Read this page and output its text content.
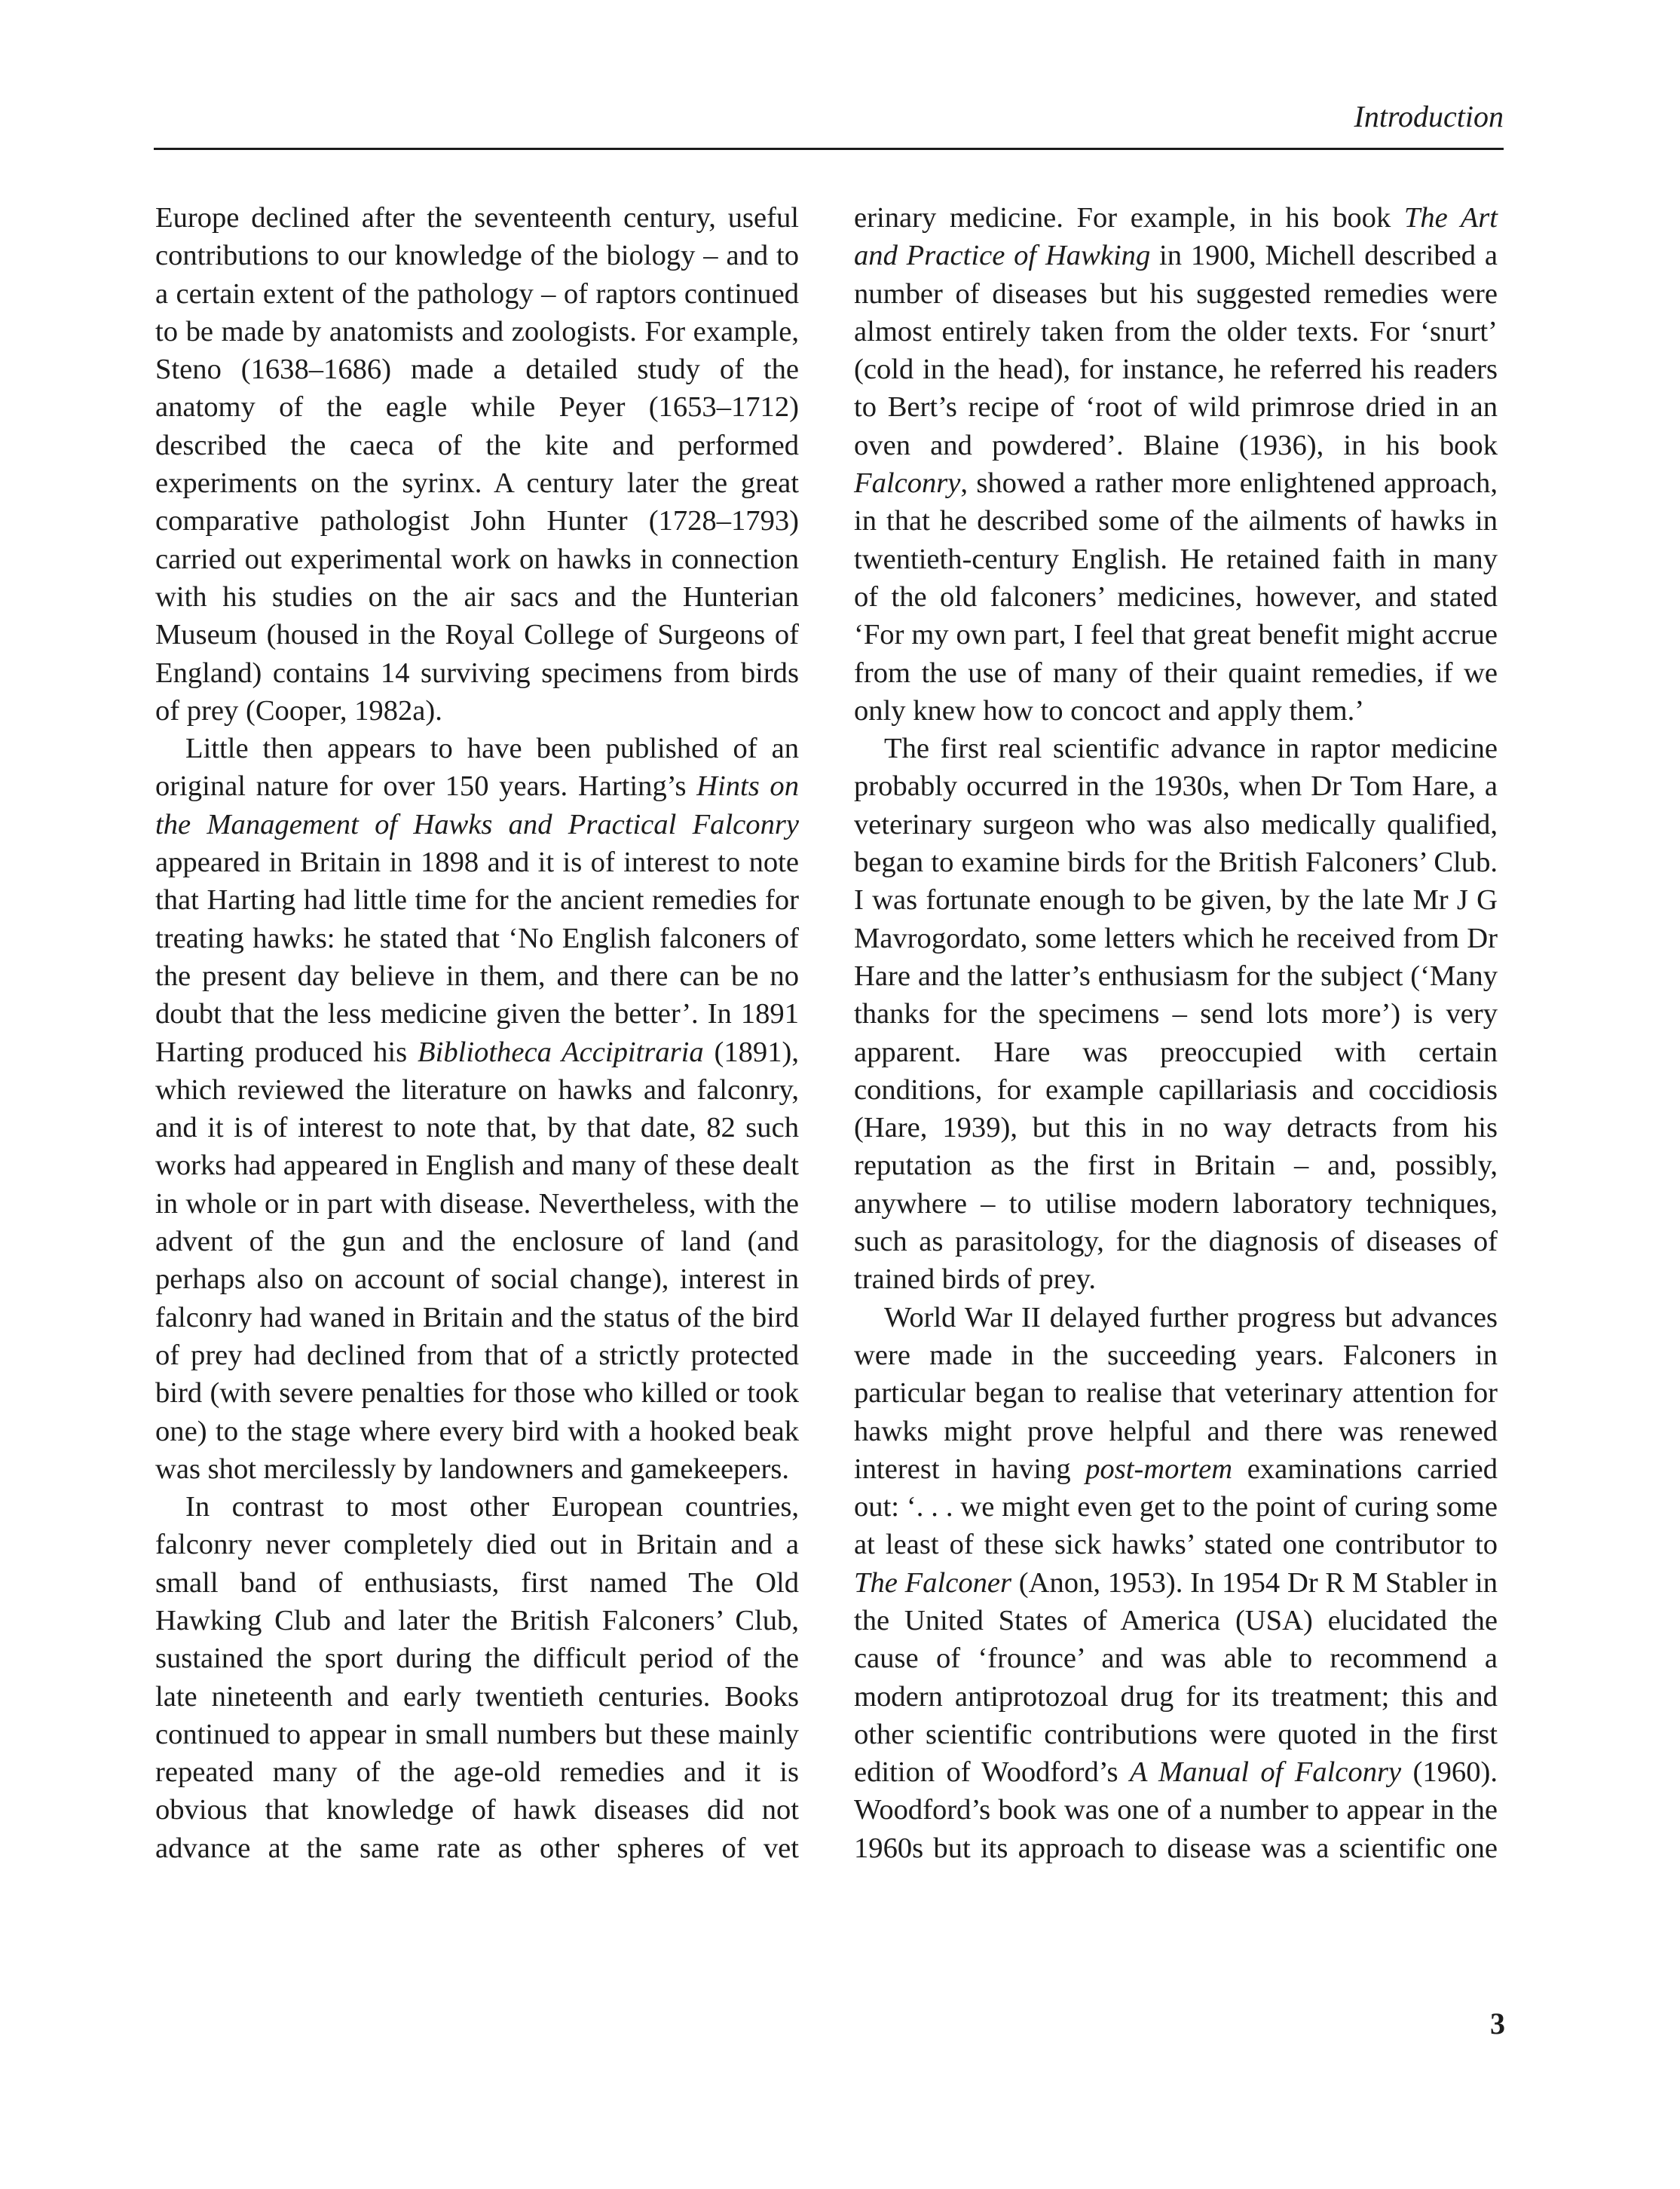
Introduction

Europe declined after the seventeenth century, useful contributions to our knowledge of the biology – and to a certain extent of the pathology – of raptors continued to be made by anatomists and zoologists. For example, Steno (1638–1686) made a detailed study of the anatomy of the eagle while Peyer (1653–1712) described the caeca of the kite and performed experiments on the syrinx. A century later the great comparative pathologist John Hunter (1728–1793) carried out experimental work on hawks in connection with his studies on the air sacs and the Hunterian Museum (housed in the Royal College of Surgeons of England) contains 14 surviving specimens from birds of prey (Cooper, 1982a).

Little then appears to have been published of an original nature for over 150 years. Harting’s Hints on the Management of Hawks and Practical Falconry appeared in Britain in 1898 and it is of interest to note that Harting had little time for the ancient remedies for treating hawks: he stated that ‘No English falconers of the present day believe in them, and there can be no doubt that the less medicine given the better’. In 1891 Harting produced his Bibliotheca Accipitraria (1891), which reviewed the literature on hawks and falconry, and it is of interest to note that, by that date, 82 such works had appeared in English and many of these dealt in whole or in part with disease. Nevertheless, with the advent of the gun and the enclosure of land (and perhaps also on account of social change), interest in falconry had waned in Britain and the status of the bird of prey had declined from that of a strictly protected bird (with severe penalties for those who killed or took one) to the stage where every bird with a hooked beak was shot mercilessly by landowners and gamekeepers.

In contrast to most other European countries, falconry never completely died out in Britain and a small band of enthusiasts, first named The Old Hawking Club and later the British Falconers’ Club, sustained the sport during the difficult period of the late nineteenth and early twentieth centuries. Books continued to appear in small numbers but these mainly repeated many of the age-old remedies and it is obvious that knowledge of hawk diseases did not advance at the same rate as other spheres of vet

erinary medicine. For example, in his book The Art and Practice of Hawking in 1900, Michell described a number of diseases but his suggested remedies were almost entirely taken from the older texts. For ‘snurt’ (cold in the head), for instance, he referred his readers to Bert’s recipe of ‘root of wild primrose dried in an oven and powdered’. Blaine (1936), in his book Falconry, showed a rather more enlightened approach, in that he described some of the ailments of hawks in twentieth-century English. He retained faith in many of the old falconers’ medicines, however, and stated ‘For my own part, I feel that great benefit might accrue from the use of many of their quaint remedies, if we only knew how to concoct and apply them.’

The first real scientific advance in raptor medicine probably occurred in the 1930s, when Dr Tom Hare, a veterinary surgeon who was also medically qualified, began to examine birds for the British Falconers’ Club. I was fortunate enough to be given, by the late Mr J G Mavrogordato, some letters which he received from Dr Hare and the latter’s enthusiasm for the subject (‘Many thanks for the specimens – send lots more’) is very apparent. Hare was preoccupied with certain conditions, for example capillariasis and coccidiosis (Hare, 1939), but this in no way detracts from his reputation as the first in Britain – and, possibly, anywhere – to utilise modern laboratory techniques, such as parasitology, for the diagnosis of diseases of trained birds of prey.

World War II delayed further progress but advances were made in the succeeding years. Falconers in particular began to realise that veterinary attention for hawks might prove helpful and there was renewed interest in having post-mortem examinations carried out: ‘. . . we might even get to the point of curing some at least of these sick hawks’ stated one contributor to The Falconer (Anon, 1953). In 1954 Dr R M Stabler in the United States of America (USA) elucidated the cause of ‘frounce’ and was able to recommend a modern antiprotozoal drug for its treatment; this and other scientific contributions were quoted in the first edition of Woodford’s A Manual of Falconry (1960). Woodford’s book was one of a number to appear in the 1960s but its approach to disease was a scientific one

3
